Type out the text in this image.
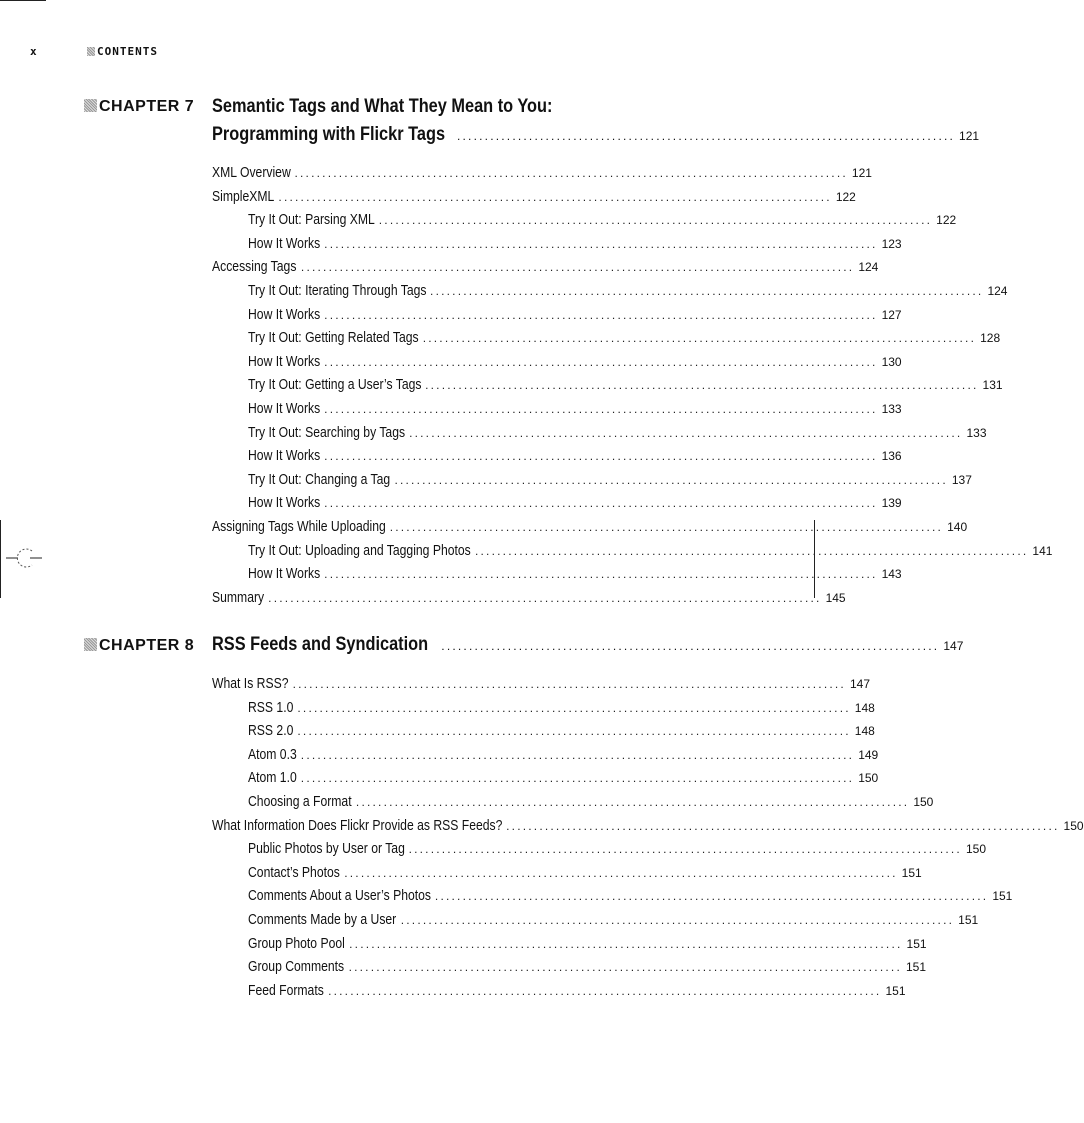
x	CONTENTS
CHAPTER 7 Semantic Tags and What They Mean to You:
Programming with Flickr Tags .......................................................................................... 121
XML Overview .................................................................................................... 121
SimpleXML .................................................................................................... 122
Try It Out: Parsing XML .................................................................................................... 122
How It Works .................................................................................................... 123
Accessing Tags .................................................................................................... 124
Try It Out: Iterating Through Tags .................................................................................................... 124
How It Works .................................................................................................... 127
Try It Out: Getting Related Tags .................................................................................................... 128
How It Works .................................................................................................... 130
Try It Out: Getting a User’s Tags .................................................................................................... 131
How It Works .................................................................................................... 133
Try It Out: Searching by Tags .................................................................................................... 133
How It Works .................................................................................................... 136
Try It Out: Changing a Tag .................................................................................................... 137
How It Works .................................................................................................... 139
Assigning Tags While Uploading .................................................................................................... 140
Try It Out: Uploading and Tagging Photos .................................................................................................... 141
How It Works .................................................................................................... 143
Summary .................................................................................................... 145
CHAPTER 8 RSS Feeds and Syndication .......................................................................................... 147
What Is RSS? .................................................................................................... 147
RSS 1.0 .................................................................................................... 148
RSS 2.0 .................................................................................................... 148
Atom 0.3 .................................................................................................... 149
Atom 1.0 .................................................................................................... 150
Choosing a Format .................................................................................................... 150
What Information Does Flickr Provide as RSS Feeds? .................................................................................................... 150
Public Photos by User or Tag .................................................................................................... 150
Contact’s Photos .................................................................................................... 151
Comments About a User’s Photos .................................................................................................... 151
Comments Made by a User .................................................................................................... 151
Group Photo Pool .................................................................................................... 151
Group Comments .................................................................................................... 151
Feed Formats .................................................................................................... 151
